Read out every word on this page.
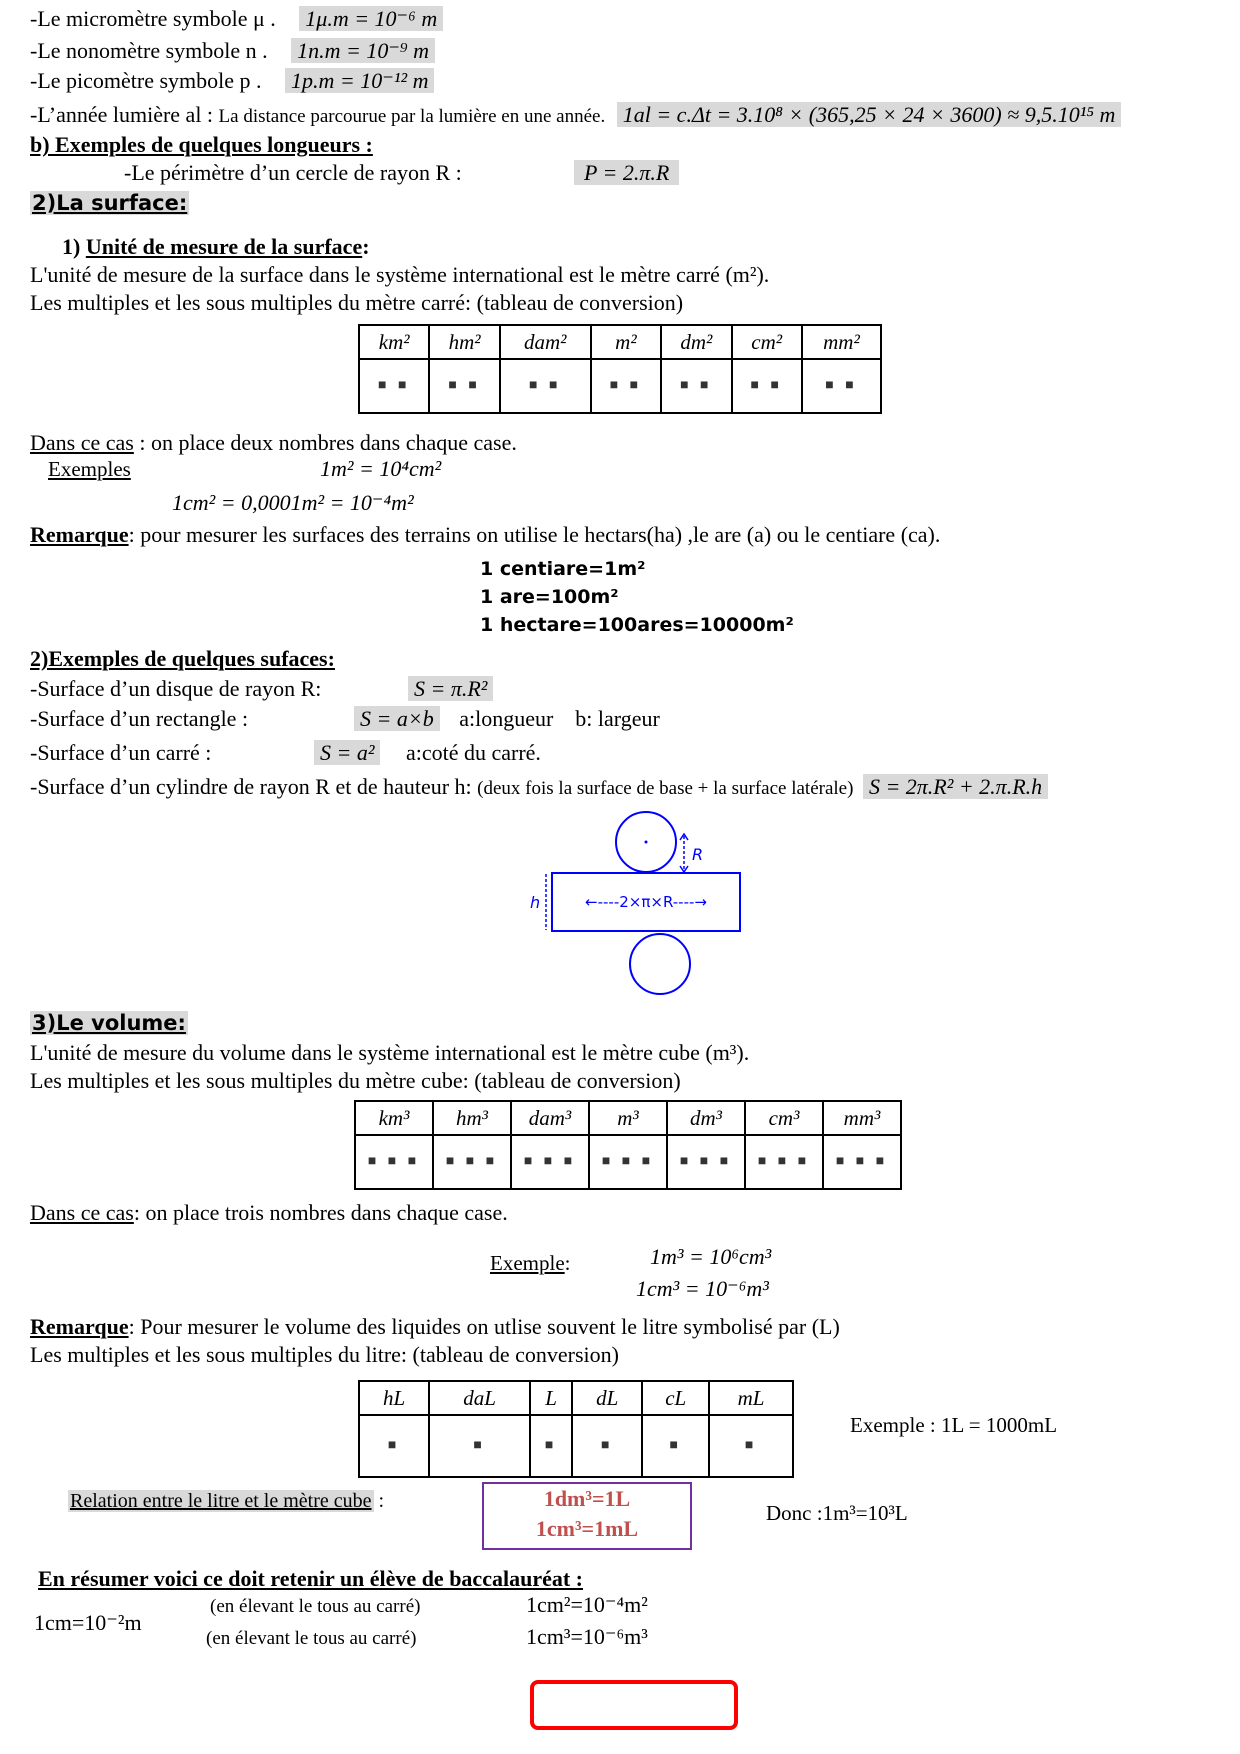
-Le micromètre symbole μ . 1μ.m = 10⁻⁶ m
-Le nonomètre symbole n . 1n.m = 10⁻⁹ m
-Le picomètre symbole p . 1p.m = 10⁻¹² m
-L’année lumière al : La distance parcourue par la lumière en une année. 1al = c.Δt = 3.10⁸ × (365,25 × 24 × 3600) ≈ 9,5.10¹⁵ m
b) Exemples de quelques longueurs :
-Le périmètre d’un cercle de rayon R :	P = 2.π.R
2)La surface:
1) Unité de mesure de la surface:
L'unité de mesure de la surface dans le système international est le mètre carré (m²).
Les multiples et les sous multiples du mètre carré: (tableau de conversion)
km²	hm²	dam²	m²	dm²	cm²	mm²
■ ■	■ ■	■ ■	■ ■	■ ■	■ ■	■ ■
Dans ce cas : on place deux nombres dans chaque case.
Exemples	1m² = 10⁴cm²
1cm² = 0,0001m² = 10⁻⁴m²
Remarque: pour mesurer les surfaces des terrains on utilise le hectars(ha) ,le are (a) ou le centiare (ca).
1 centiare=1m²
1 are=100m²
1 hectare=100ares=10000m²
2)Exemples de quelques sufaces:
-Surface d’un disque de rayon R:	S = π.R²
-Surface d’un rectangle :	S = a×b a:longueur    b: largeur
-Surface d’un carré :	S = a² a:coté du carré.
-Surface d’un cylindre de rayon R et de hauteur h: (deux fois la surface de base + la surface latérale) S = 2π.R² + 2.π.R.h
R
h	←----2×π×R----→
3)Le volume:
L'unité de mesure du volume dans le système international est le mètre cube (m³).
Les multiples et les sous multiples du mètre cube: (tableau de conversion)
km³	hm³	dam³	m³	dm³	cm³	mm³
■ ■ ■	■ ■ ■	■ ■ ■	■ ■ ■	■ ■ ■	■ ■ ■	■ ■ ■
Dans ce cas: on place trois nombres dans chaque case.
Exemple:	1m³ = 10⁶cm³
1cm³ = 10⁻⁶m³
Remarque: Pour mesurer le volume des liquides on utlise souvent le litre symbolisé par (L)
Les multiples et les sous multiples du litre: (tableau de conversion)
hL	daL	L	dL	cL	mL
■	■	■	■	■	■
Exemple : 1L = 1000mL
Relation entre le litre et le mètre cube :	1dm³=1L
1cm³=1mL
Donc :1m³=10³L
En résumer voici ce doit retenir un élève de baccalauréat :
1cm=10⁻²m
(en élevant le tous au carré)
(en élevant le tous au carré)
1cm²=10⁻⁴m²
1cm³=10⁻⁶m³
